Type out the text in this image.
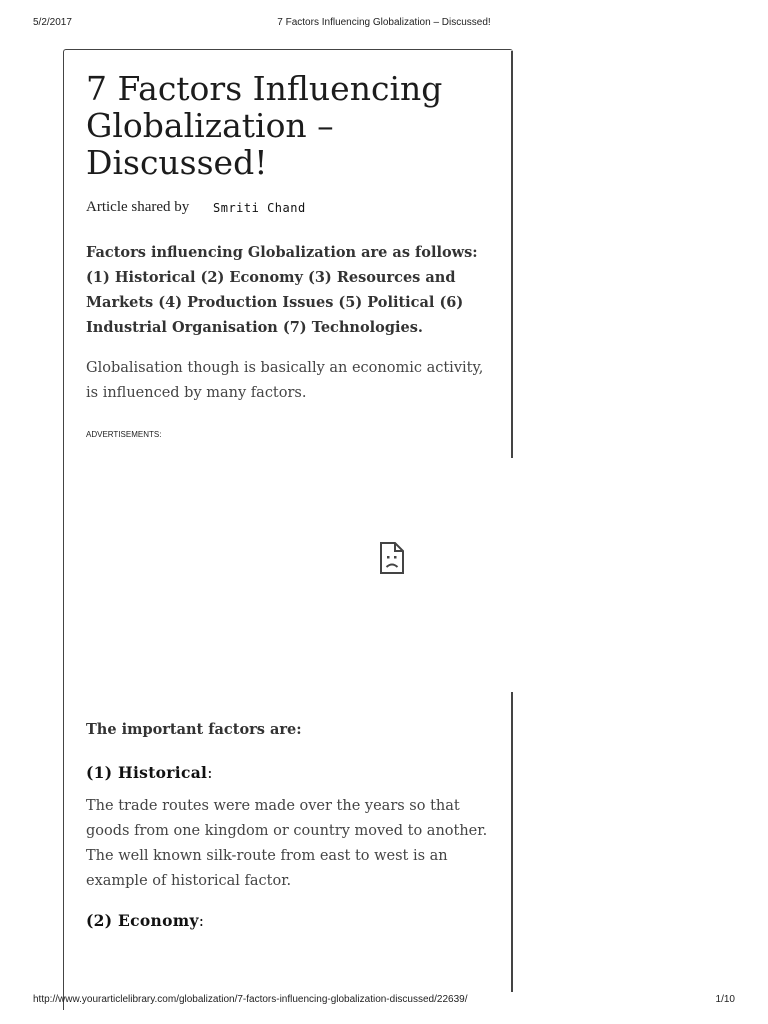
5/2/2017	7 Factors Influencing Globalization – Discussed!
7 Factors Influencing Globalization – Discussed!
Article shared by Smriti Chand
Factors influencing Globalization are as follows: (1) Historical (2) Economy (3) Resources and Markets (4) Production Issues (5) Political (6) Industrial Organisation (7) Technologies.
Globalisation though is basically an economic activity, is influenced by many factors.
ADVERTISEMENTS:
The important factors are:
(1) Historical:
The trade routes were made over the years so that goods from one kingdom or country moved to another. The well known silk-route from east to west is an example of historical factor.
(2) Economy:
http://www.yourarticlelibrary.com/globalization/7-factors-influencing-globalization-discussed/22639/	1/10
